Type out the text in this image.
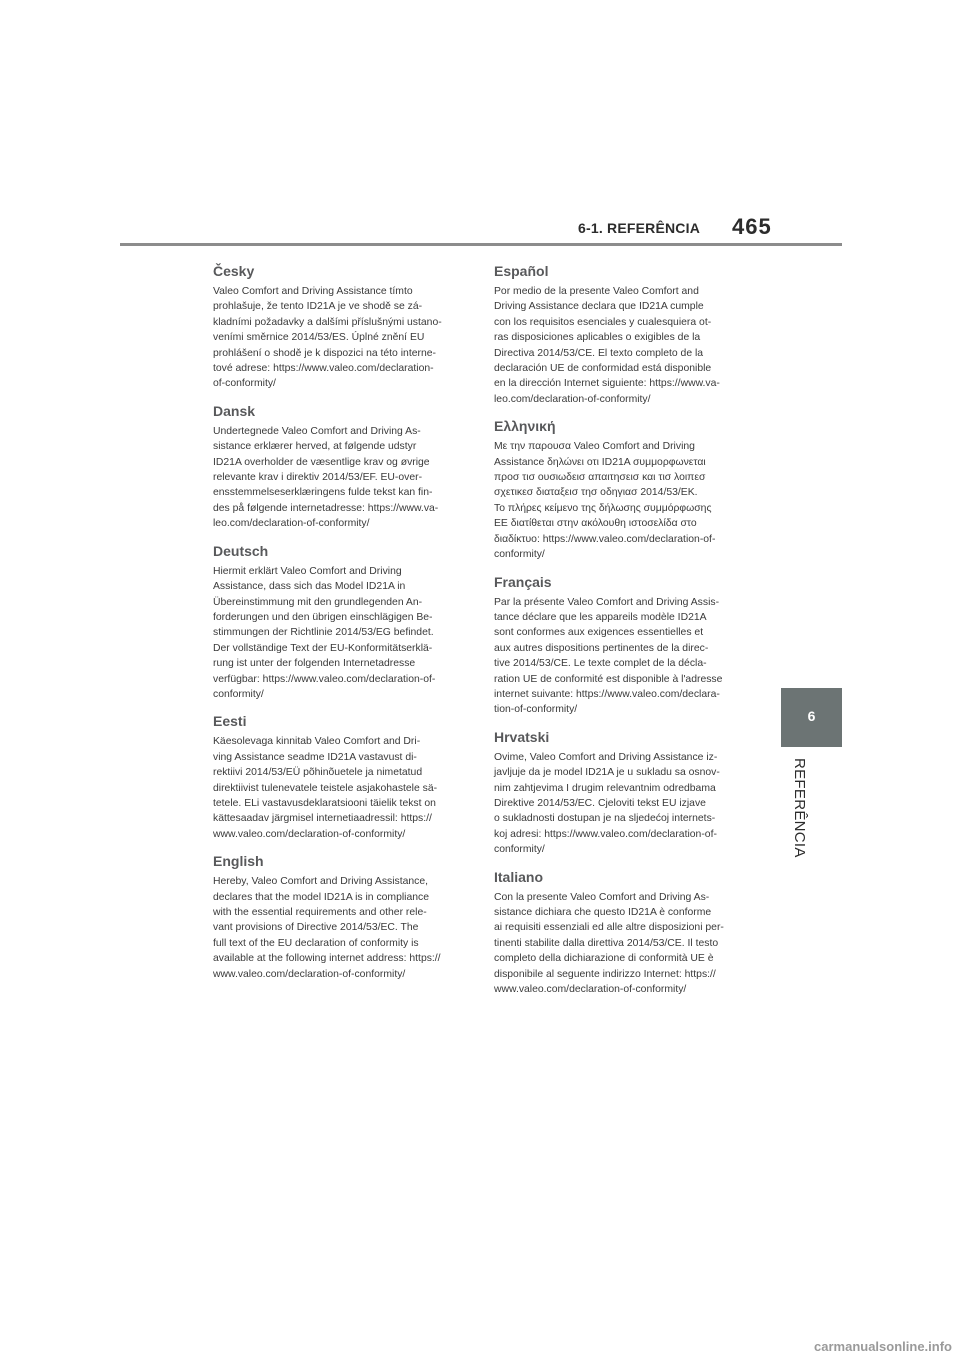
6-1. REFERÊNCIA 465
6
REFERÊNCIA
Česky

Valeo Comfort and Driving Assistance tímto
prohlašuje, že tento ID21A je ve shodě se zá-
kladními požadavky a dalšími příslušnými ustano-
veními směrnice 2014/53/ES. Úplné znění EU
prohlášení o shodě je k dispozici na této interne-
tové adrese: https://www.valeo.com/declaration-
of-conformity/

Dansk

Undertegnede Valeo Comfort and Driving As-
sistance erklærer herved, at følgende udstyr
ID21A overholder de væsentlige krav og øvrige
relevante krav i direktiv 2014/53/EF. EU-over-
ensstemmelseserklæringens fulde tekst kan fin-
des på følgende internetadresse: https://www.va-
leo.com/declaration-of-conformity/

Deutsch

Hiermit erklärt Valeo Comfort and Driving
Assistance, dass sich das Model ID21A in
Übereinstimmung mit den grundlegenden An-
forderungen und den übrigen einschlägigen Be-
stimmungen der Richtlinie 2014/53/EG befindet.
Der vollständige Text der EU-Konformitätserklä-
rung ist unter der folgenden Internetadresse
verfügbar: https://www.valeo.com/declaration-of-
conformity/

Eesti

Käesolevaga kinnitab Valeo Comfort and Dri-
ving Assistance seadme ID21A vastavust di-
rektiivi 2014/53/EÜ põhinõuetele ja nimetatud
direktiivist tulenevatele teistele asjakohastele sä-
tetele. ELi vastavusdeklaratsiooni täielik tekst on
kättesaadav järgmisel internetiaadressil: https://
www.valeo.com/declaration-of-conformity/

English

Hereby, Valeo Comfort and Driving Assistance,
declares that the model ID21A is in compliance
with the essential requirements and other rele-
vant provisions of Directive 2014/53/EC. The
full text of the EU declaration of conformity is
available at the following internet address: https://
www.valeo.com/declaration-of-conformity/

Español

Por medio de la presente Valeo Comfort and
Driving Assistance declara que ID21A cumple
con los requisitos esenciales y cualesquiera ot-
ras disposiciones aplicables o exigibles de la
Directiva 2014/53/CE. El texto completo de la
declaración UE de conformidad está disponible
en la dirección Internet siguiente: https://www.va-
leo.com/declaration-of-conformity/

Ελληνική

Mε την παρουσα Valeo Comfort and Driving
Assistance δηλώνει οτι ID21A συμμορφωνεται
προσ τισ ουσιωδεισ απαιτησεισ και τισ λοιπεσ
σχετικεσ διαταξεισ τησ οδηγιασ 2014/53/ΕΚ.
Το πλήρες κείμενο της δήλωσης συμμόρφωσης
ΕΕ διατίθεται στην ακόλουθη ιστοσελίδα στο
διαδίκτυο: https://www.valeo.com/declaration-of-
conformity/

Français

Par la présente Valeo Comfort and Driving Assis-
tance déclare que les appareils modèle ID21A
sont conformes aux exigences essentielles et
aux autres dispositions pertinentes de la direc-
tive 2014/53/CE. Le texte complet de la décla-
ration UE de conformité est disponible à l'adresse
internet suivante: https://www.valeo.com/declara-
tion-of-conformity/

Hrvatski

Ovime, Valeo Comfort and Driving Assistance iz-
javljuje da je model ID21A je u sukladu sa osnov-
nim zahtjevima I drugim relevantnim odredbama
Direktive 2014/53/EC. Cjeloviti tekst EU izjave
o sukladnosti dostupan je na sljedećoj internets-
koj adresi: https://www.valeo.com/declaration-of-
conformity/

Italiano

Con la presente Valeo Comfort and Driving As-
sistance dichiara che questo ID21A è conforme
ai requisiti essenziali ed alle altre disposizioni per-
tinenti stabilite dalla direttiva 2014/53/CE. Il testo
completo della dichiarazione di conformità UE è
disponibile al seguente indirizzo Internet: https://
www.valeo.com/declaration-of-conformity/

carmanualsonline.info
